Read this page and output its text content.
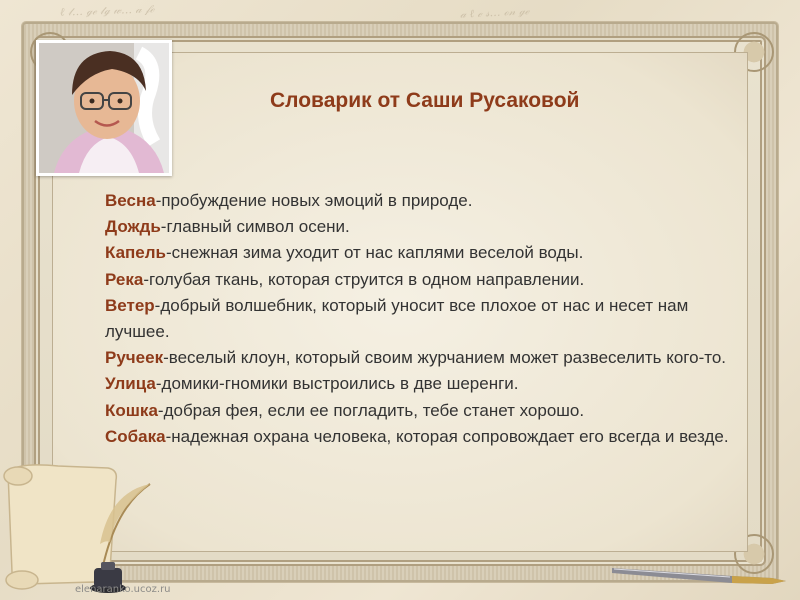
ℓ 𝓉… ℊℯ 𝓉ℊ 𝓌… 𝒶 𝒻ℯ	𝒶 ℓ ℯ 𝓈… ℴ𝓃 ℊℯ
Словарик от Саши Русаковой

Весна-пробуждение новых эмоций в природе.

Дождь-главный символ осени.

Капель-снежная зима уходит от нас каплями веселой воды.

Река-голубая ткань, которая струится в одном направлении.

Ветер-добрый волшебник, который уносит все плохое от нас и несет нам лучшее.

Ручеек-веселый клоун, который своим журчанием может развеселить кого-то.

Улица-домики-гномики выстроились в две шеренги.

Кошка-добрая фея, если ее погладить, тебе станет хорошо.

Собака-надежная охрана человека, которая сопровождает его всегда и везде.

elenaranko.ucoz.ru
